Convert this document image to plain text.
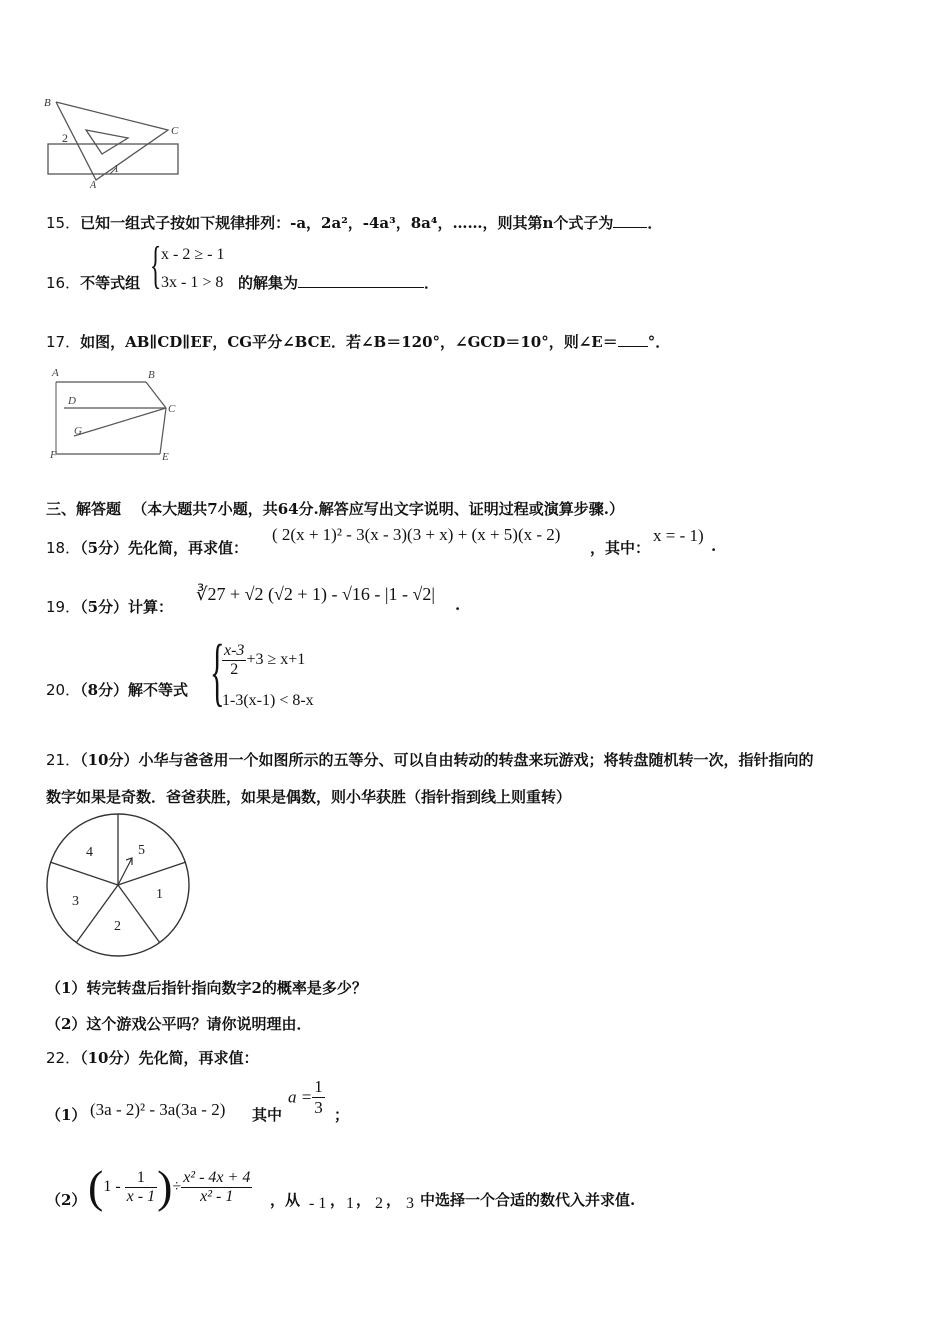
B
C
2
A
1
15．已知一组式子按如下规律排列：-a，2a²，-4a³，8a⁴，……，则其第n个式子为 ．
16．不等式组 { x - 2 ≥ - 1
3x - 1 > 8 的解集为	．
17．如图，AB∥CD∥EF，CG平分∠BCE．若∠B＝120°，∠GCD＝10°，则∠E＝ °．
A	B
D
C
G
F	E
三、解答题 （本大题共7小题，共64分.解答应写出文字说明、证明过程或演算步骤.）
18．（5分）先化简，再求值：
( 2(x + 1)² - 3(x - 3)(3 + x) + (x + 5)(x - 2)
，其中：
x = - 1)
.
19．（5分）计算：
∛27 + √2 (√2 + 1) - √16 - |1 - √2|
.
20．（8分）解不等式 {
$\frac{x-3}{2} +3 \ge x+1$
1-3(x-1) < 8-x
21．（10分）小华与爸爸用一个如图所示的五等分、可以自由转动的转盘来玩游戏；将转盘随机转一次，指针指向的
数字如果是奇数．爸爸获胜，如果是偶数，则小华获胜（指针指到线上则重转）
5
1
2
3
4
（1）转完转盘后指针指向数字2的概率是多少？
（2）这个游戏公平吗？请你说明理由．
22．（10分）先化简，再求值：
（1） (3a - 2)² - 3a(3a - 2) 其中
$a = \frac{1}{3}$ ；
（2） ($1 - \frac{1}{x - 1}$ )÷ $\frac{\text{x² - 4x + 4}}{\text{x² - 1}}$ ，从 - 1 ， 1 ， 2 ， 3 中选择一个合适的数代入并求值.
